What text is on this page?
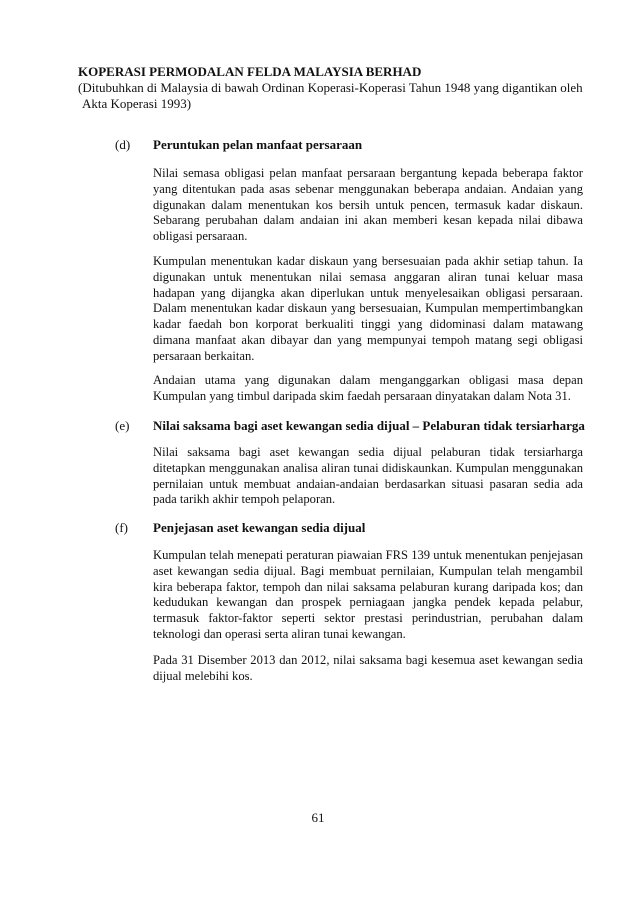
KOPERASI PERMODALAN FELDA MALAYSIA BERHAD
(Ditubuhkan di Malaysia di bawah Ordinan Koperasi-Koperasi Tahun 1948 yang digantikan oleh
Akta Koperasi 1993)
(d) Peruntukan pelan manfaat persaraan
Nilai semasa obligasi pelan manfaat persaraan bergantung kepada beberapa faktor yang ditentukan pada asas sebenar menggunakan beberapa andaian. Andaian yang digunakan dalam menentukan kos bersih untuk pencen, termasuk kadar diskaun. Sebarang perubahan dalam andaian ini akan memberi kesan kepada nilai dibawa obligasi persaraan.
Kumpulan menentukan kadar diskaun yang bersesuaian pada akhir setiap tahun. Ia digunakan untuk menentukan nilai semasa anggaran aliran tunai keluar masa hadapan yang dijangka akan diperlukan untuk menyelesaikan obligasi persaraan. Dalam menentukan kadar diskaun yang bersesuaian, Kumpulan mempertimbangkan kadar faedah bon korporat berkualiti tinggi yang didominasi dalam matawang dimana manfaat akan dibayar dan yang mempunyai tempoh matang segi obligasi persaraan berkaitan.
Andaian utama yang digunakan dalam menganggarkan obligasi masa depan Kumpulan yang timbul daripada skim faedah persaraan dinyatakan dalam Nota 31.
(e) Nilai saksama bagi aset kewangan sedia dijual – Pelaburan tidak tersiarharga
Nilai saksama bagi aset kewangan sedia dijual pelaburan tidak tersiarharga ditetapkan menggunakan analisa aliran tunai didiskaunkan. Kumpulan menggunakan pernilaian untuk membuat andaian-andaian berdasarkan situasi pasaran sedia ada pada tarikh akhir tempoh pelaporan.
(f) Penjejasan aset kewangan sedia dijual
Kumpulan telah menepati peraturan piawaian FRS 139 untuk menentukan penjejasan aset kewangan sedia dijual. Bagi membuat pernilaian, Kumpulan telah mengambil kira beberapa faktor, tempoh dan nilai saksama pelaburan kurang daripada kos; dan kedudukan kewangan dan prospek perniagaan jangka pendek kepada pelabur, termasuk faktor-faktor seperti sektor prestasi perindustrian, perubahan dalam teknologi dan operasi serta aliran tunai kewangan.
Pada 31 Disember 2013 dan 2012, nilai saksama bagi kesemua aset kewangan sedia dijual melebihi kos.
61
